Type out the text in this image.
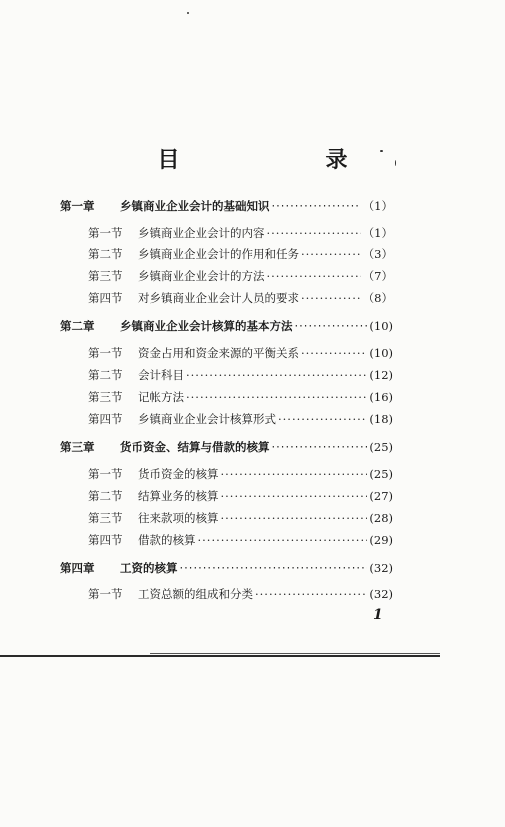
目　　录
第一章	乡镇商业企业会计的基础知识 ·····	（1）
第一节	乡镇商业企业会计的内容 ·····	（1）
第二节	乡镇商业企业会计的作用和任务 ·····	（3）
第三节	乡镇商业企业会计的方法 ·····	（7）
第四节	对乡镇商业企业会计人员的要求 ·····	（8）
第二章	乡镇商业企业会计核算的基本方法 ·····	(10)
第一节	资金占用和资金来源的平衡关系 ·····	(10)
第二节	会计科目 ·····	(12)
第三节	记帐方法 ·····	(16)
第四节	乡镇商业企业会计核算形式 ·····	(18)
第三章	货币资金、结算与借款的核算 ·····	(25)
第一节	货币资金的核算 ·····	(25)
第二节	结算业务的核算 ·····	(27)
第三节	往来款项的核算 ·····	(28)
第四节	借款的核算 ·····	(29)
第四章	工资的核算 ·····	(32)
第一节	工资总额的组成和分类 ·····	(32)
1
